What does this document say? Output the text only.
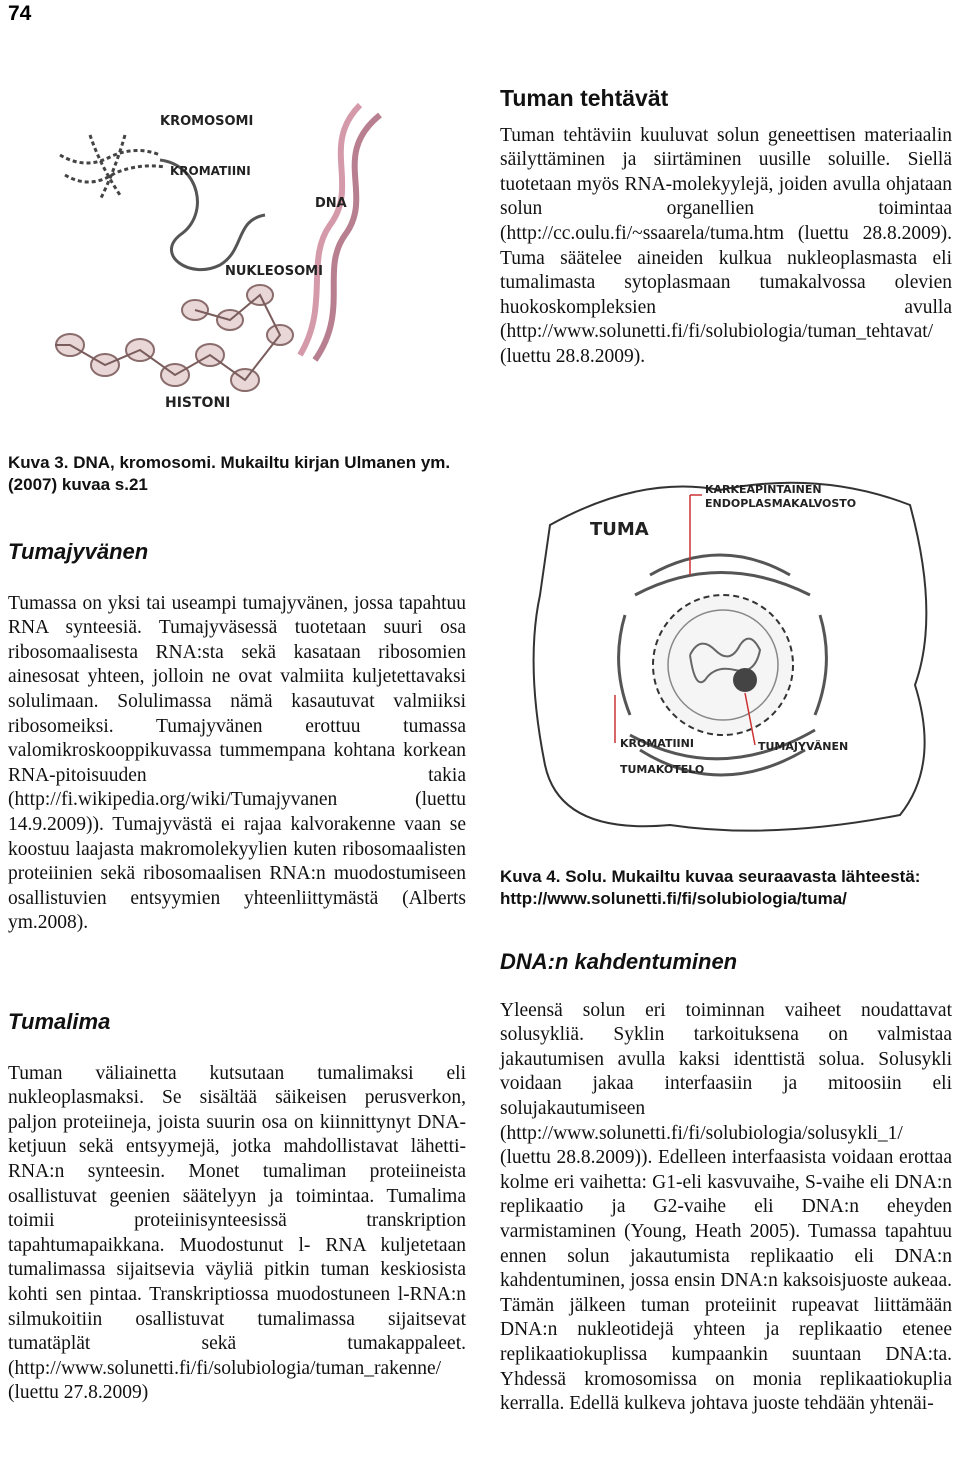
74
KROMOSOMI
KROMATIINI
DNA
NUKLEOSOMI
HISTONI
Tuman tehtävät

Tuman tehtäviin kuuluvat solun geneettisen materiaalin säilyttäminen ja siirtäminen uusille soluille. Siellä tuotetaan myös RNA-molekyylejä, joiden avulla ohjataan solun organellien toimintaa (http://cc.oulu.fi/~ssaarela/tuma.htm (luettu 28.8.2009). Tuma säätelee aineiden kulkua nukleoplasmasta eli tumalimasta sytoplasmaan tumakalvossa olevien huokoskompleksien avulla (http://www.solunetti.fi/fi/solubiologia/tuman_tehtavat/ (luettu 28.8.2009).

Kuva 3. DNA, kromosomi. Mukailtu kirjan Ulmanen ym.(2007) kuvaa s.21
TUMA
KARKEAPINTAINEN
ENDOPLASMAKALVOSTO
KROMATIINI
TUMAKOTELO
TUMAJYVÄNEN
Tumajyvänen

Tumassa on yksi tai useampi tumajyvänen, jossa tapahtuu RNA synteesiä. Tumajyväsessä tuotetaan suuri osa ribosomaalisesta RNA:sta sekä kasataan ribosomien ainesosat yhteen, jolloin ne ovat valmiita kuljetettavaksi solulimaan. Solulimassa nämä kasautuvat valmiiksi ribosomeiksi. Tumajyvänen erottuu tumassa valomikroskooppikuvassa tummempana kohtana korkean RNA-pitoisuuden takia (http://fi.wikipedia.org/wiki/Tumajyvanen (luettu 14.9.2009)). Tumajyvästä ei rajaa kalvorakenne vaan se koostuu laajasta makromolekyylien kuten ribosomaalisten proteiinien sekä ribosomaalisen RNA:n muodostumiseen osallistuvien entsyymien yhteenliittymästä (Alberts ym.2008).

Kuva 4. Solu. Mukailtu kuvaa seuraavasta lähteestä: http://www.solunetti.fi/fi/solubiologia/tuma/
DNA:n kahdentuminen

Yleensä solun eri toiminnan vaiheet noudattavat solusykliä. Syklin tarkoituksena on valmistaa jakautumisen avulla kaksi identtistä solua. Solusykli voidaan jakaa interfaasiin ja mitoosiin eli solujakautumiseen (http://www.solunetti.fi/fi/solubiologia/solusykli_1/ (luettu 28.8.2009)). Edelleen interfaasista voidaan erottaa kolme eri vaihetta: G1-eli kasvuvaihe, S-vaihe eli DNA:n replikaatio ja G2-vaihe eli DNA:n eheyden varmistaminen (Young, Heath 2005). Tumassa tapahtuu ennen solun jakautumista replikaatio eli DNA:n kahdentuminen, jossa ensin DNA:n kaksoisjuoste aukeaa. Tämän jälkeen tuman proteiinit rupeavat liittämään DNA:n nukleotidejä yhteen ja replikaatio etenee replikaatiokuplissa kumpaankin suuntaan DNA:ta. Yhdessä kromosomissa on monia replikaatiokuplia kerralla. Edellä kulkeva johtava juoste tehdään yhtenäi-

Tumalima

Tuman väliainetta kutsutaan tumalimaksi eli nukleoplasmaksi. Se sisältää säikeisen perusverkon, paljon proteiineja, joista suurin osa on kiinnittynyt DNA-ketjuun sekä entsyymejä, jotka mahdollistavat lähetti-RNA:n synteesin. Monet tumaliman proteiineista osallistuvat geenien säätelyyn ja toimintaa. Tumalima toimii proteiinisynteesissä transkription tapahtumapaikkana. Muodostunut l- RNA kuljetetaan tumalimassa sijaitsevia väyliä pitkin tuman keskiosista kohti sen pintaa. Transkriptiossa muodostuneen l-RNA:n silmukoitiin osallistuvat tumalimassa sijaitsevat tumatäplät sekä tumakappaleet. (http://www.solunetti.fi/fi/solubiologia/tuman_rakenne/ (luettu 27.8.2009)
